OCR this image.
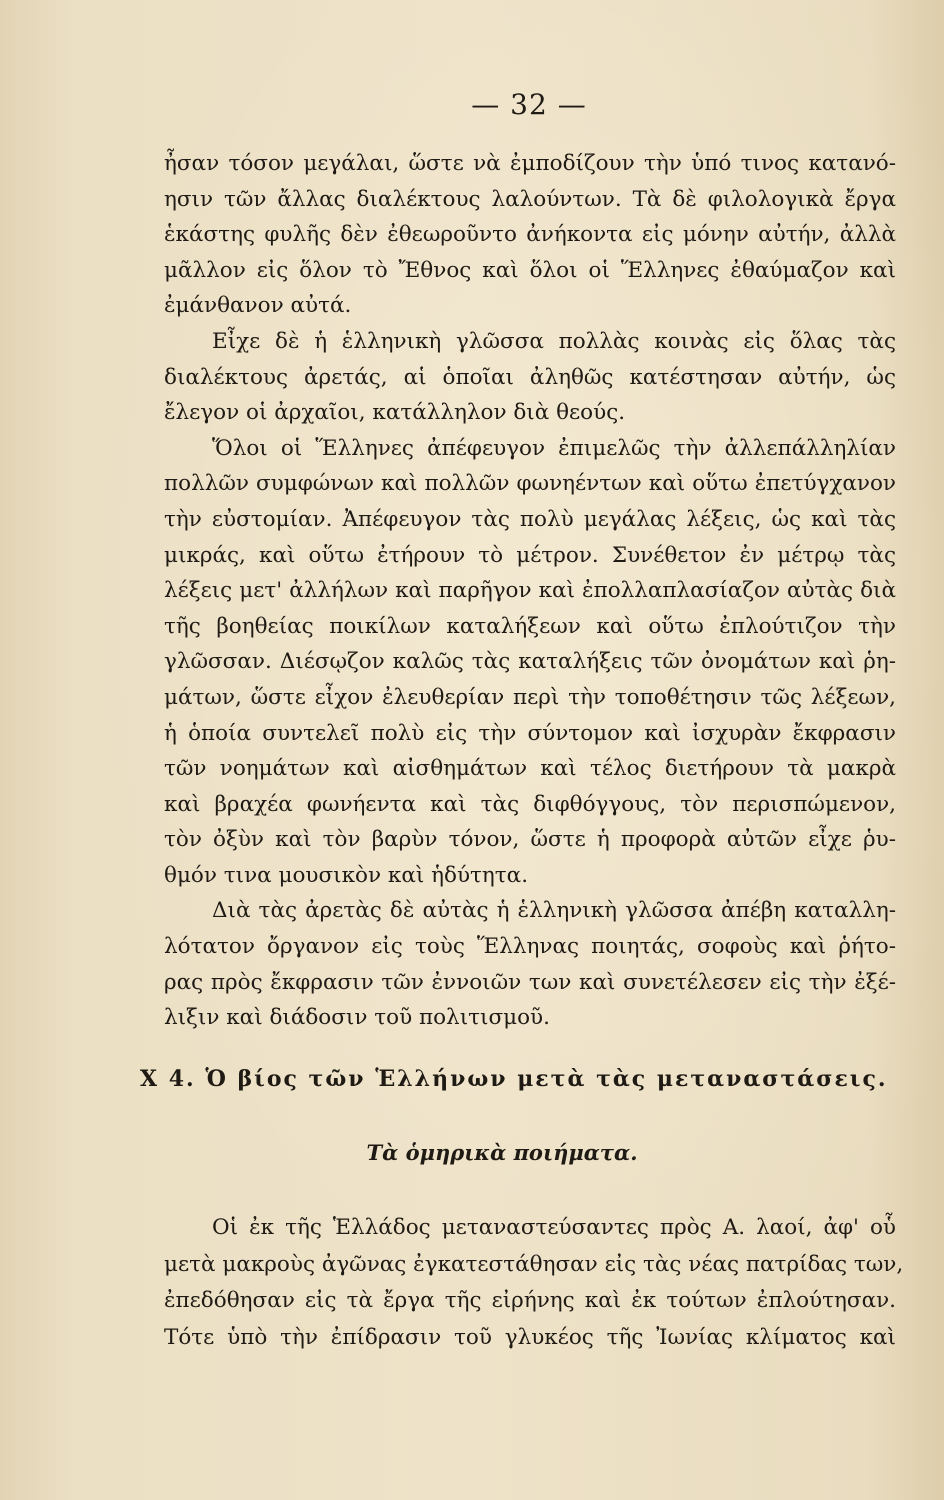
— 32 —
ἦσαν τόσον μεγάλαι, ὥστε νὰ ἐμποδίζουν τὴν ὑπό τινος κατανό-
ησιν τῶν ἄλλας διαλέκτους λαλούντων. Τὰ δὲ φιλολογικὰ ἔργα
ἑκάστης φυλῆς δὲν ἐθεωροῦντο ἀνήκοντα εἰς μόνην αὐτήν, ἀλλὰ
μᾶλλον εἰς ὅλον τὸ Ἔθνος καὶ ὅλοι οἱ Ἕλληνες ἐθαύμαζον καὶ
ἐμάνθανον αὐτά.
Εἶχε δὲ ἡ ἑλληνικὴ γλῶσσα πολλὰς κοινὰς εἰς ὅλας τὰς
διαλέκτους ἀρετάς, αἱ ὁποῖαι ἀληθῶς κατέστησαν αὐτήν, ὡς
ἔλεγον οἱ ἀρχαῖοι, κατάλληλον διὰ θεούς.
Ὅλοι οἱ Ἕλληνες ἀπέφευγον ἐπιμελῶς τὴν ἀλλεπάλληλίαν
πολλῶν συμφώνων καὶ πολλῶν φωνηέντων καὶ οὕτω ἐπετύγχανον
τὴν εὐστομίαν. Ἀπέφευγον τὰς πολὺ μεγάλας λέξεις, ὡς καὶ τὰς
μικράς, καὶ οὕτω ἐτήρουν τὸ μέτρον. Συνέθετον ἐν μέτρῳ τὰς
λέξεις μετ' ἀλλήλων καὶ παρῆγον καὶ ἐπολλαπλασίαζον αὐτὰς διὰ
τῆς βοηθείας ποικίλων καταλήξεων καὶ οὕτω ἐπλούτιζον τὴν
γλῶσσαν. Διέσῳζον καλῶς τὰς καταλήξεις τῶν ὀνομάτων καὶ ῥη-
μάτων, ὥστε εἶχον ἐλευθερίαν περὶ τὴν τοποθέτησιν τῶς λέξεων,
ἡ ὁποία συντελεῖ πολὺ εἰς τὴν σύντομον καὶ ἰσχυρὰν ἔκφρασιν
τῶν νοημάτων καὶ αἰσθημάτων καὶ τέλος διετήρουν τὰ μακρὰ
καὶ βραχέα φωνήεντα καὶ τὰς διφθόγγους, τὸν περισπώμενον,
τὸν ὀξὺν καὶ τὸν βαρὺν τόνον, ὥστε ἡ προφορὰ αὐτῶν εἶχε ῥυ-
θμόν τινα μουσικὸν καὶ ἡδύτητα.
Διὰ τὰς ἀρετὰς δὲ αὐτὰς ἡ ἑλληνικὴ γλῶσσα ἀπέβη καταλλη-
λότατον ὄργανον εἰς τοὺς Ἕλληνας ποιητάς, σοφοὺς καὶ ῥήτο-
ρας πρὸς ἔκφρασιν τῶν ἐννοιῶν των καὶ συνετέλεσεν εἰς τὴν ἐξέ-
λιξιν καὶ διάδοσιν τοῦ πολιτισμοῦ.
X 4. Ὁ βίος τῶν Ἑλλήνων μετὰ τὰς μεταναστάσεις.
Τὰ ὁμηρικὰ ποιήματα.
Οἱ ἐκ τῆς Ἑλλάδος μεταναστεύσαντες πρὸς Α. λαοί, ἀφ' οὗ
μετὰ μακροὺς ἀγῶνας ἐγκατεστάθησαν εἰς τὰς νέας πατρίδας των,
ἐπεδόθησαν εἰς τὰ ἔργα τῆς εἰρήνης καὶ ἐκ τούτων ἐπλούτησαν.
Τότε ὑπὸ τὴν ἐπίδρασιν τοῦ γλυκέος τῆς Ἰωνίας κλίματος καὶ
